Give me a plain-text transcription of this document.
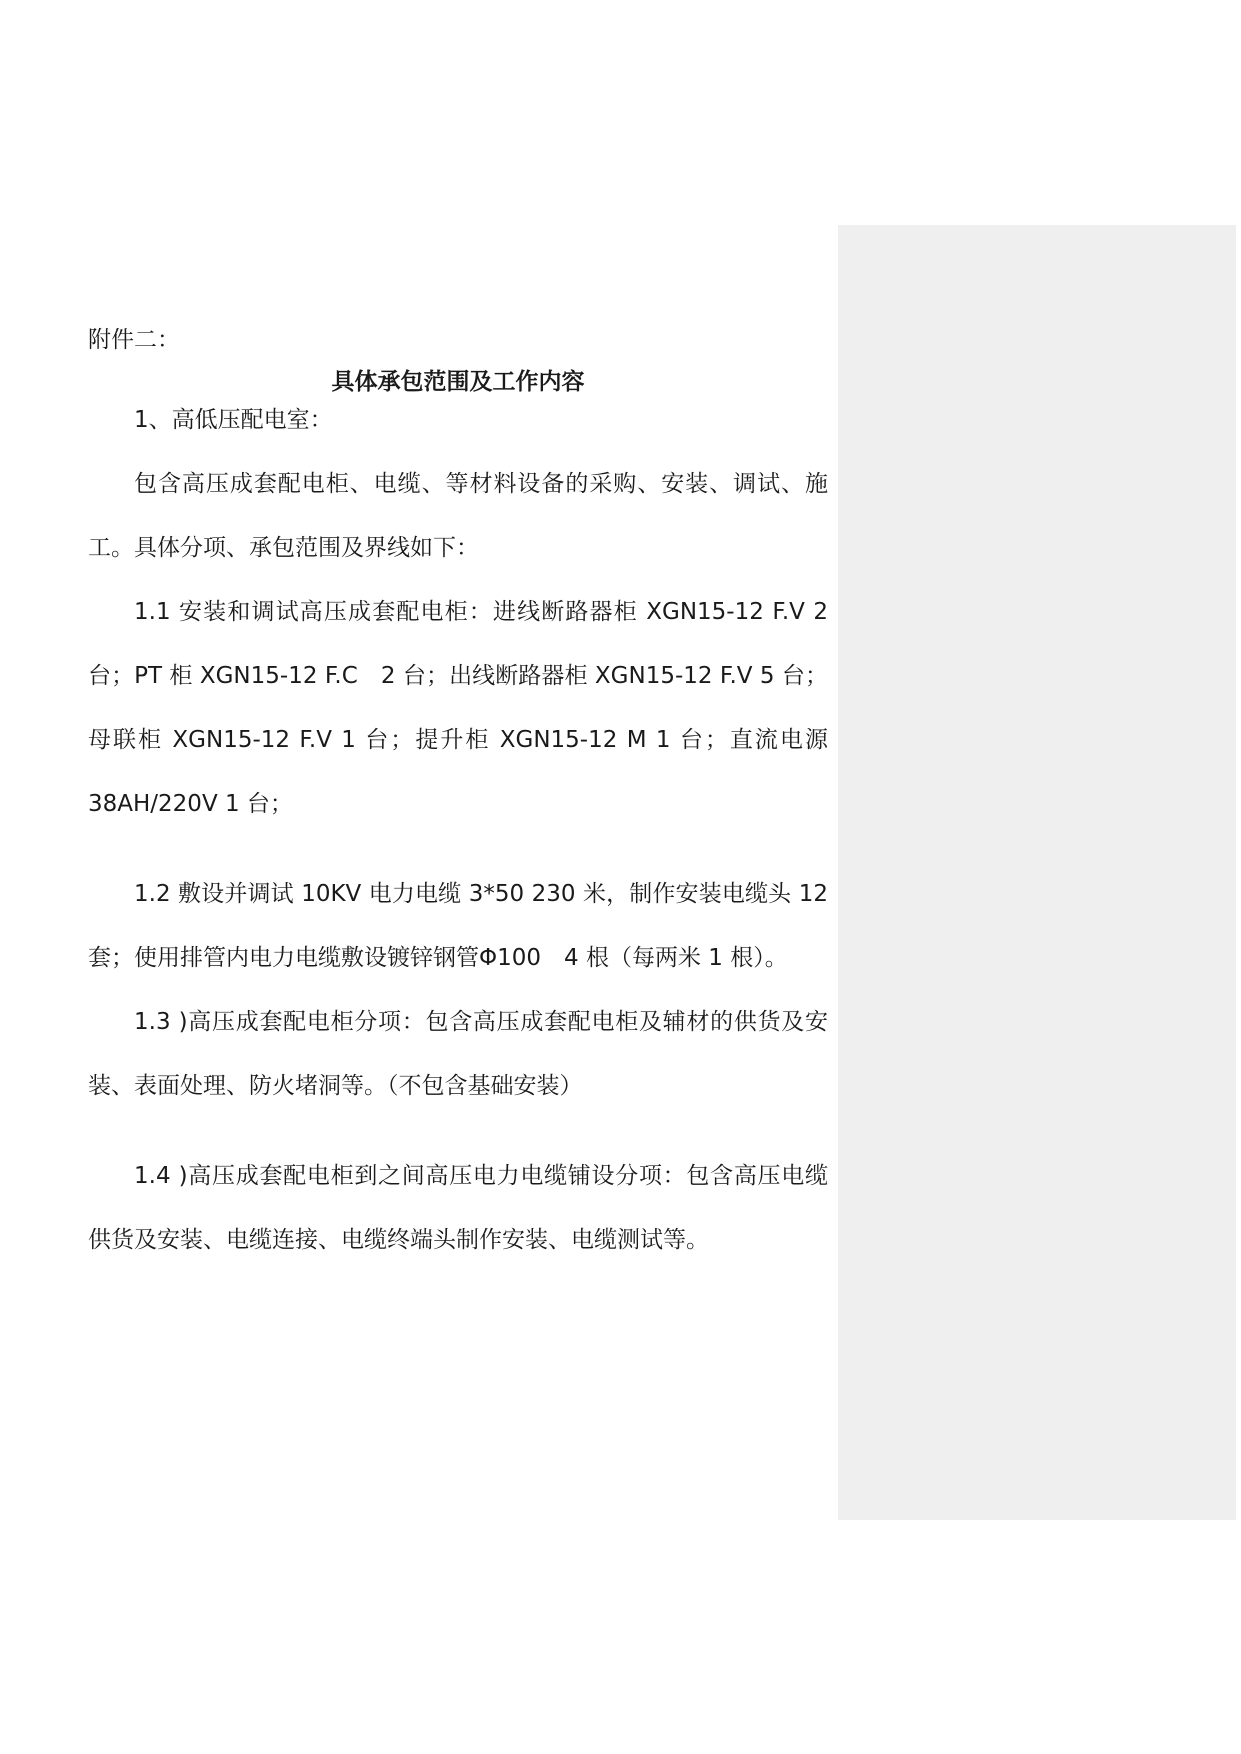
附件二：

具体承包范围及工作内容

1、高低压配电室：

包含高压成套配电柜、电缆、等材料设备的采购、安装、调试、施工。具体分项、承包范围及界线如下：

1.1 安装和调试高压成套配电柜：进线断路器柜 XGN15-12 F.V 2 台；PT 柜 XGN15-12 F.C　2 台；出线断路器柜 XGN15-12 F.V 5 台；母联柜 XGN15-12 F.V 1 台；提升柜 XGN15-12 M 1 台；直流电源 38AH/220V 1 台；

1.2 敷设并调试 10KV 电力电缆 3*50 230 米，制作安装电缆头 12 套；使用排管内电力电缆敷设镀锌钢管Φ100　4 根（每两米 1 根）。

1.3 )高压成套配电柜分项：包含高压成套配电柜及辅材的供货及安装、表面处理、防火堵洞等。（不包含基础安装）

1.4 )高压成套配电柜到之间高压电力电缆铺设分项：包含高压电缆供货及安装、电缆连接、电缆终端头制作安装、电缆测试等。
